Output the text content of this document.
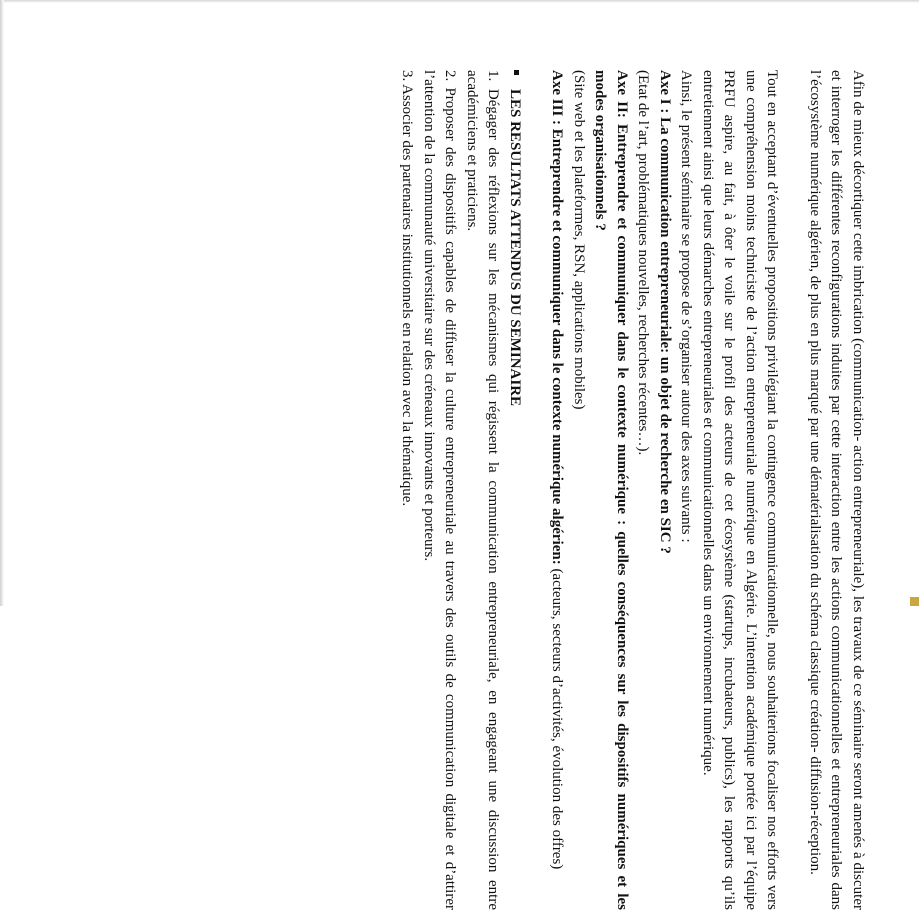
Afin de mieux décortiquer cette imbrication (communication- action entrepreneuriale), les travaux de ce séminaire seront amenés à discuter et interroger les différentes reconfigurations induites par cette interaction entre les actions communicationnelles et entrepreneuriales dans l’écosystème numérique algérien, de plus en plus marqué par une dématérialisation du schéma classique création- diffusion-réception.

Tout en acceptant d’éventuelles propositions privilégiant la contingence communicationnelle, nous souhaiterions focaliser nos efforts vers une compréhension moins techniciste de l’action entrepreneuriale numérique en Algérie. L’intention académique portée ici par l’équipe PRFU aspire, au fait, à ôter le voile sur le profil des acteurs de cet écosystème (startups, incubateurs, publics), les rapports qu’ils entretiennent ainsi que leurs démarches entrepreneuriales et communicationnelles dans un environnement numérique.

Ainsi, le présent séminaire se propose de s’organiser autour des axes suivants :

Axe I : La communication entrepreneuriale: un objet de recherche en SIC ?

(Etat de l’art, problématiques nouvelles, recherches récentes…).

Axe II: Entreprendre et communiquer dans le contexte numérique : quelles conséquences sur les dispositifs numériques et les modes organisationnels ?

(Site web et les plateformes, RSN, applications mobiles)

Axe III : Entreprendre et communiquer dans le contexte numérique algérien: (acteurs, secteurs d’activités, évolution des offres)

LES RESULTATS ATTENDUS DU SEMINAIRE

1. Dégager des réflexions sur les mécanismes qui régissent la communication entrepreneuriale, en engageant une discussion entre académiciens et praticiens.

2. Proposer des dispositifs capables de diffuser la culture entrepreneuriale au travers des outils de communication digitale et d’attirer l’attention de la communauté universitaire sur des créneaux innovants et porteurs.

3. Associer des partenaires institutionnels en relation avec la thématique.
